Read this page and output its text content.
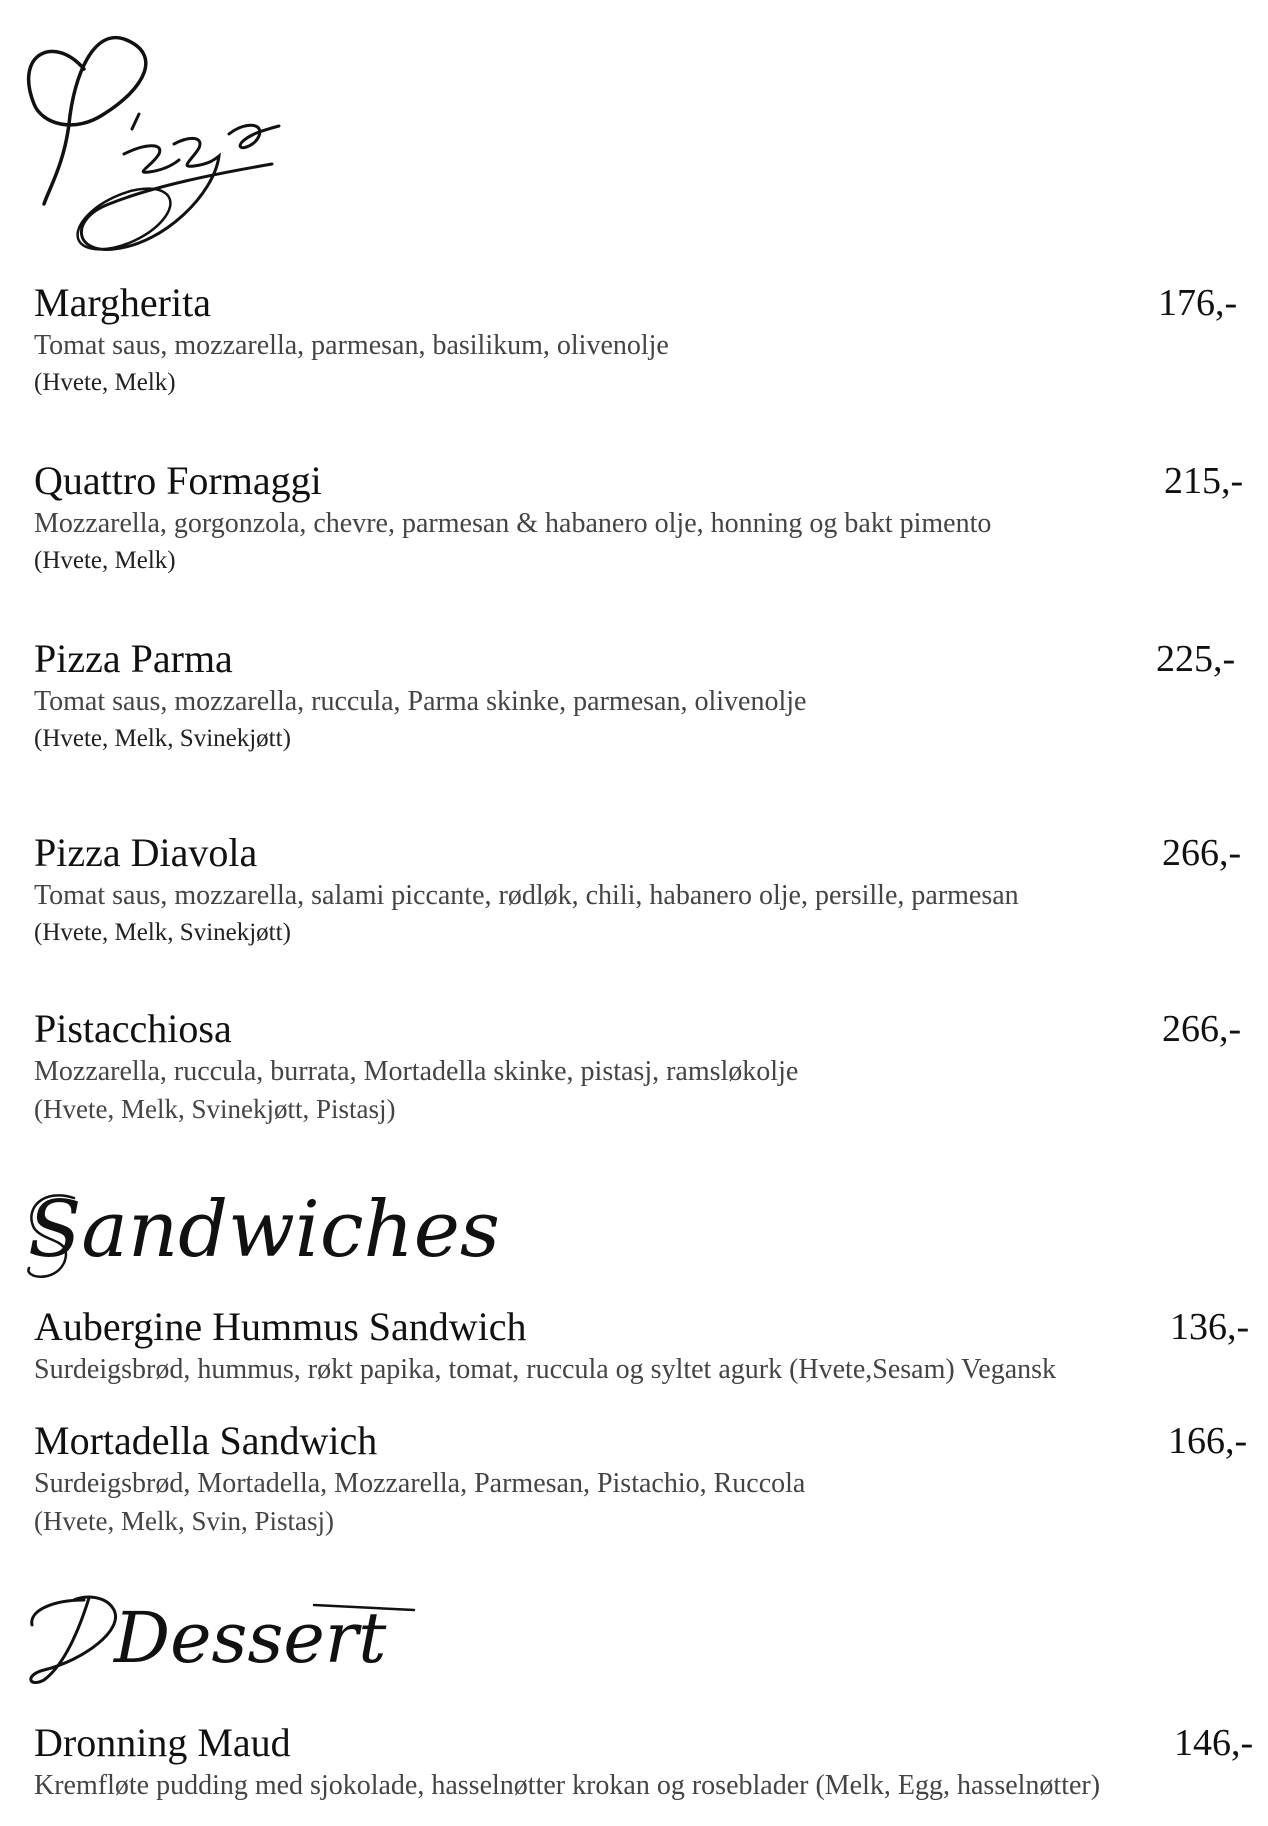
Pizza
Margherita	176,-
Tomat saus, mozzarella, parmesan, basilikum, olivenolje
(Hvete, Melk)
Quattro Formaggi	215,-
Mozzarella, gorgonzola, chevre, parmesan & habanero olje, honning og bakt pimento
(Hvete, Melk)
Pizza Parma	225,-
Tomat saus, mozzarella, ruccula, Parma skinke, parmesan, olivenolje
(Hvete, Melk, Svinekjøtt)
Pizza Diavola	266,-
Tomat saus, mozzarella, salami piccante, rødløk, chili, habanero olje, persille, parmesan
(Hvete, Melk, Svinekjøtt)
Pistacchiosa	266,-
Mozzarella, ruccula, burrata, Mortadella skinke, pistasj, ramsløkolje
(Hvete, Melk, Svinekjøtt, Pistasj)
Sandwiches
Aubergine Hummus Sandwich	136,-
Surdeigsbrød, hummus, røkt papika, tomat, ruccula og syltet agurk (Hvete,Sesam) Vegansk
Mortadella Sandwich	166,-
Surdeigsbrød, Mortadella, Mozzarella, Parmesan, Pistachio, Ruccola
(Hvete, Melk, Svin, Pistasj)
Dessert
Dronning Maud	146,-
Kremfløte pudding med sjokolade, hasselnøtter krokan og roseblader (Melk, Egg, hasselnøtter)
